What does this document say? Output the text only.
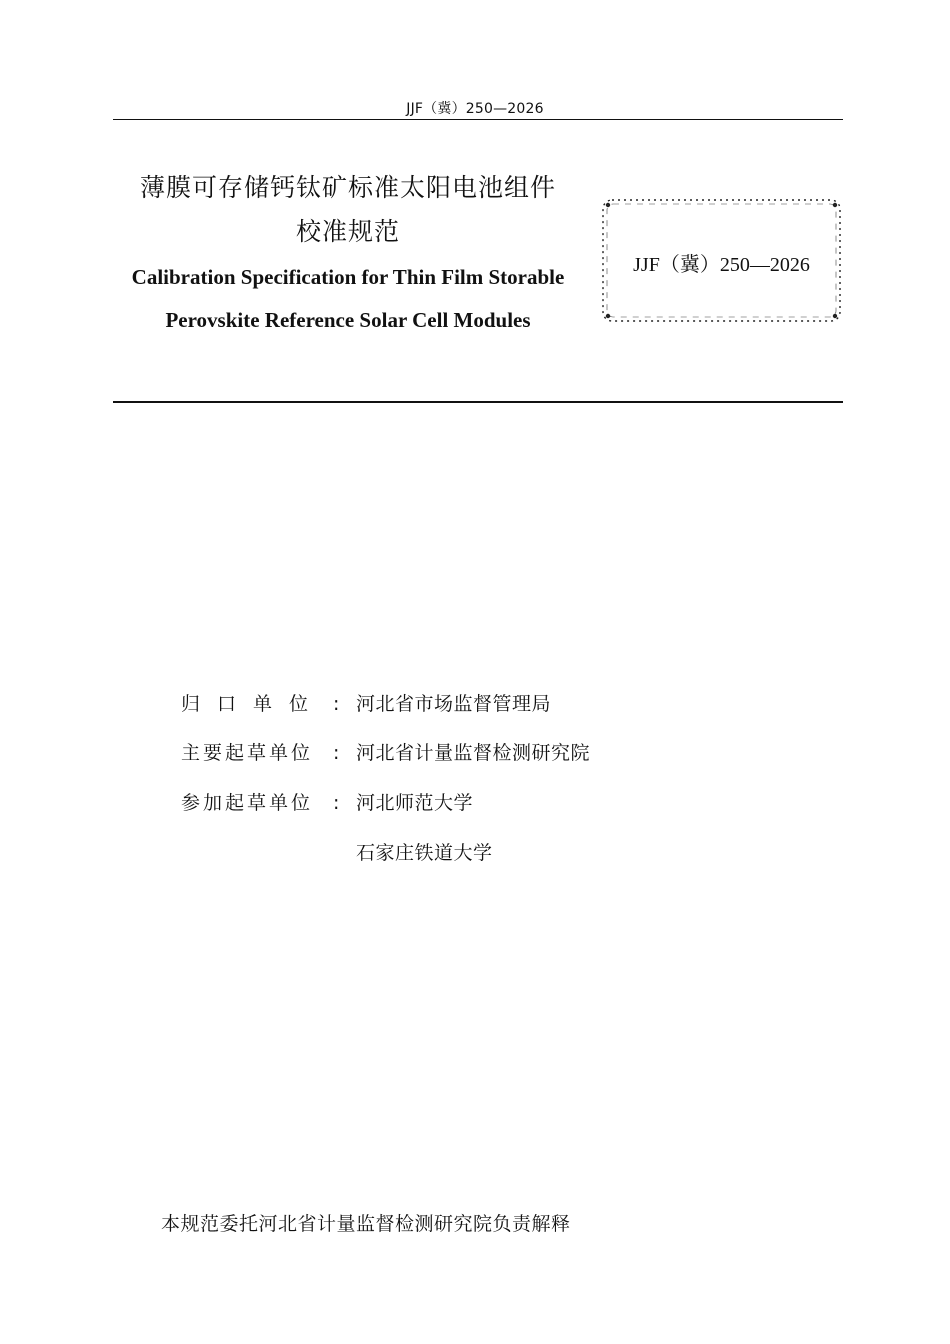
JJF（冀）250—2026
薄膜可存储钙钛矿标准太阳电池组件
校准规范
Calibration Specification for Thin Film Storable
Perovskite Reference Solar Cell Modules
JJF（冀）250—2026
归口单位 : 河北省市场监督管理局
主要起草单位	: 河北省计量监督检测研究院
参加起草单位	: 河北师范大学
石家庄铁道大学
本规范委托河北省计量监督检测研究院负责解释
